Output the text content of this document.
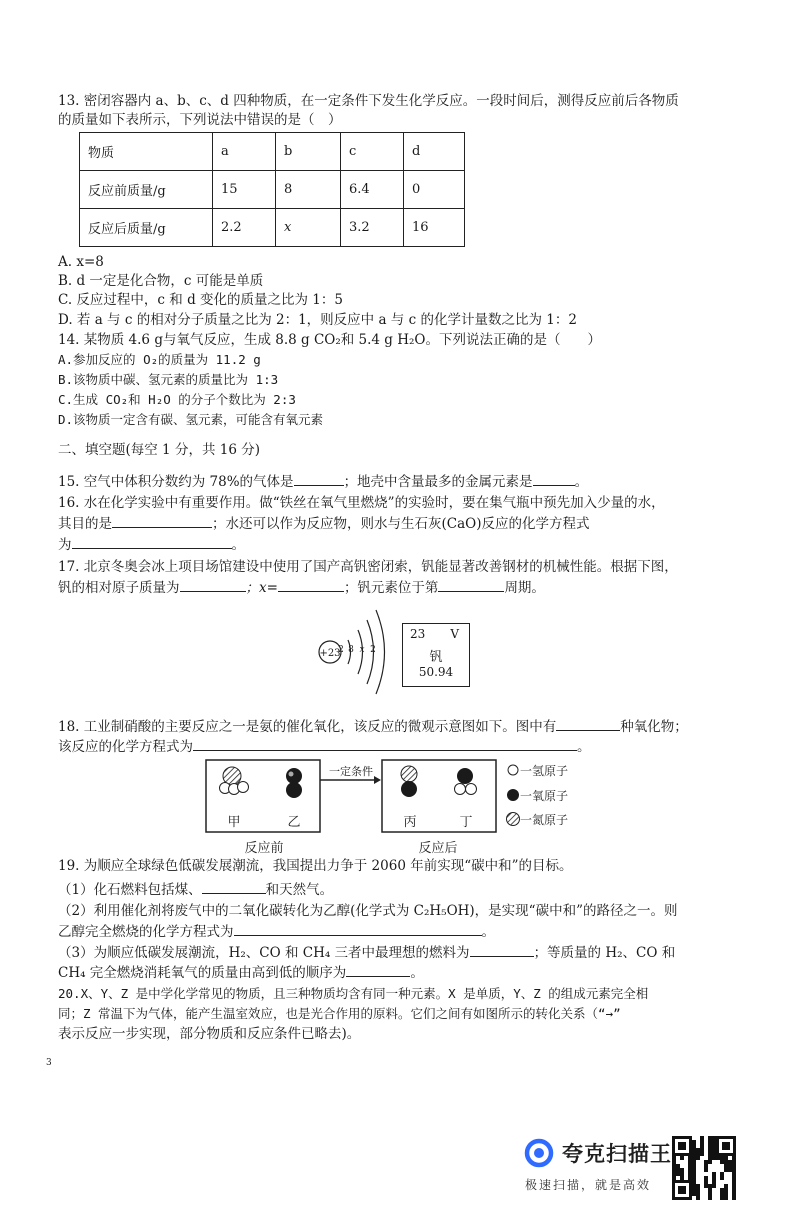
13. 密闭容器内 a、b、c、d 四种物质，在一定条件下发生化学反应。一段时间后，测得反应前后各物质
的质量如下表所示，下列说法中错误的是（　）
物质	a	b	c	d
反应前质量/g	15	8	6.4	0
反应后质量/g	2.2	x	3.2	16
A. x=8
B. d 一定是化合物，c 可能是单质
C. 反应过程中，c 和 d 变化的质量之比为 1：5
D. 若 a 与 c 的相对分子质量之比为 2：1，则反应中 a 与 c 的化学计量数之比为 1：2
14. 某物质 4.6 g与氧气反应，生成 8.8 g CO₂和 5.4 g H₂O。下列说法正确的是（　　）
A.参加反应的 O₂的质量为 11.2 g
B.该物质中碳、氢元素的质量比为 1:3
C.生成 CO₂和 H₂O 的分子个数比为 2:3
D.该物质一定含有碳、氢元素，可能含有氧元素
二、填空题(每空 1 分，共 16 分)
15. 空气中体积分数约为 78%的气体是	；地壳中含量最多的金属元素是	。
16. 水在化学实验中有重要作用。做“铁丝在氧气里燃烧”的实验时，要在集气瓶中预先加入少量的水，
其目的是	；水还可以作为反应物，则水与生石灰(CaO)反应的化学方程式
为	。
17. 北京冬奥会冰上项目场馆建设中使用了国产高钒密闭索，钒能显著改善钢材的机械性能。根据下图，
钒的相对原子质量为	；x=	；钒元素位于第	周期。
+23
2 8 x 2
23 V
钒
50.94
18. 工业制硝酸的主要反应之一是氨的催化氧化，该反应的微观示意图如下。图中有	种氧化物；
该反应的化学方程式为	。
甲	乙
反应前
一定条件
丙	丁
反应后
一氢原子
一氧原子
一氮原子
19. 为顺应全球绿色低碳发展潮流，我国提出力争于 2060 年前实现“碳中和”的目标。
（1）化石燃料包括煤、	和天然气。
（2）利用催化剂将废气中的二氧化碳转化为乙醇(化学式为 C₂H₅OH)，是实现“碳中和”的路径之一。则
乙醇完全燃烧的化学方程式为	。
（3）为顺应低碳发展潮流，H₂、CO 和 CH₄ 三者中最理想的燃料为	；等质量的 H₂、CO 和
CH₄ 完全燃烧消耗氧气的质量由高到低的顺序为	。
20.X、Y、Z 是中学化学常见的物质，且三种物质均含有同一种元素。X 是单质，Y、Z 的组成元素完全相
同；Z 常温下为气体，能产生温室效应，也是光合作用的原料。它们之间有如图所示的转化关系（“→”
表示反应一步实现，部分物质和反应条件已略去)。
3
夸克扫描王
极速扫描，就是高效
